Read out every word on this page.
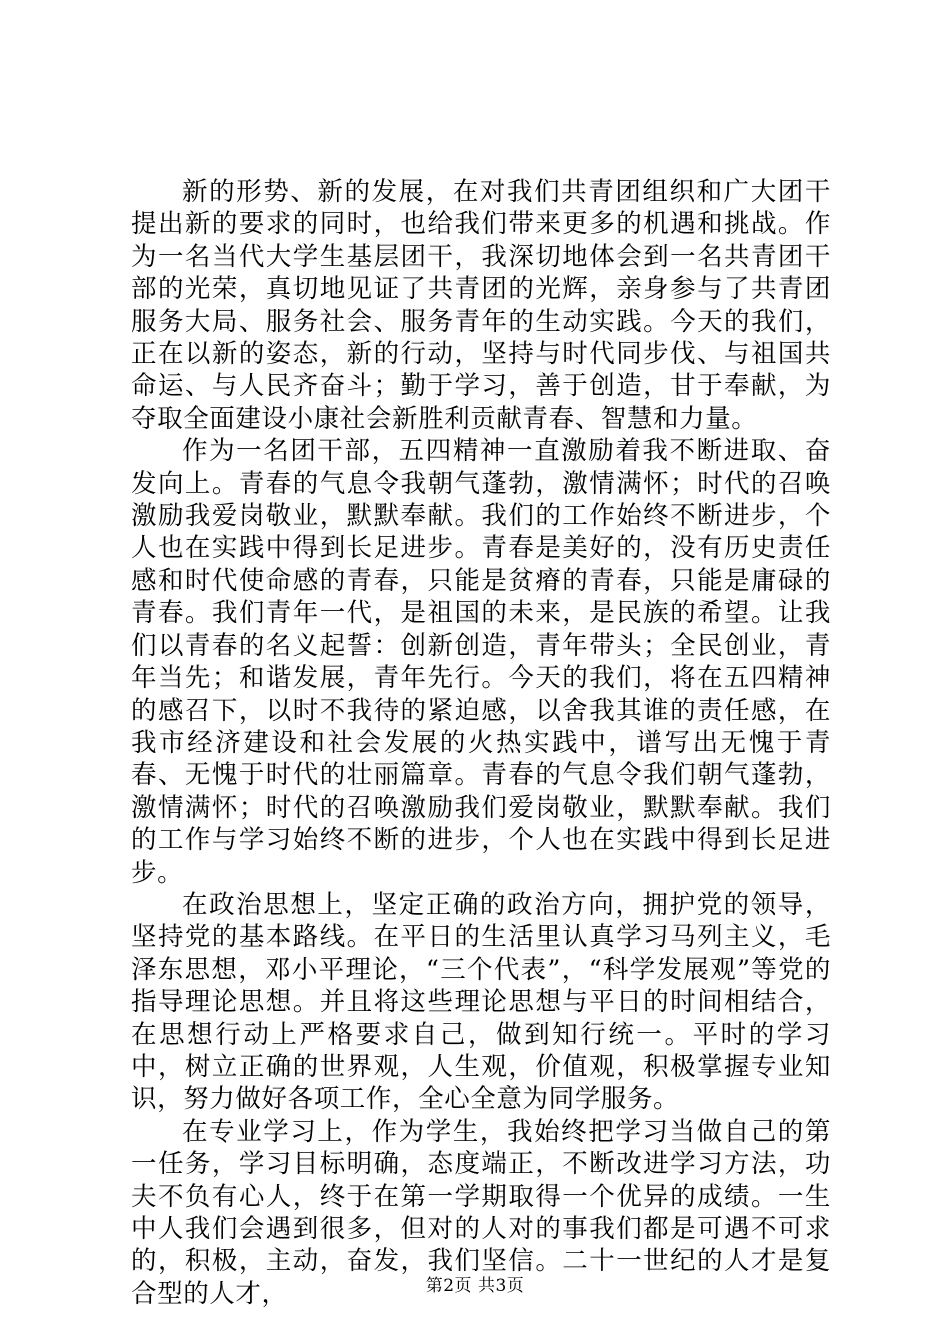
新的形势、新的发展，在对我们共青团组织和广大团干提出新的要求的同时，也给我们带来更多的机遇和挑战。作为一名当代大学生基层团干，我深切地体会到一名共青团干部的光荣，真切地见证了共青团的光辉，亲身参与了共青团服务大局、服务社会、服务青年的生动实践。今天的我们，正在以新的姿态，新的行动，坚持与时代同步伐、与祖国共命运、与人民齐奋斗；勤于学习，善于创造，甘于奉献，为夺取全面建设小康社会新胜利贡献青春、智慧和力量。

作为一名团干部，五四精神一直激励着我不断进取、奋发向上。青春的气息令我朝气蓬勃，激情满怀；时代的召唤激励我爱岗敬业，默默奉献。我们的工作始终不断进步，个人也在实践中得到长足进步。青春是美好的，没有历史责任感和时代使命感的青春，只能是贫瘠的青春，只能是庸碌的青春。我们青年一代，是祖国的未来，是民族的希望。让我们以青春的名义起誓：创新创造，青年带头；全民创业，青年当先；和谐发展，青年先行。今天的我们，将在五四精神的感召下，以时不我待的紧迫感，以舍我其谁的责任感，在我市经济建设和社会发展的火热实践中，谱写出无愧于青春、无愧于时代的壮丽篇章。青春的气息令我们朝气蓬勃，激情满怀；时代的召唤激励我们爱岗敬业，默默奉献。我们的工作与学习始终不断的进步，个人也在实践中得到长足进步。

在政治思想上，坚定正确的政治方向，拥护党的领导，坚持党的基本路线。在平日的生活里认真学习马列主义，毛泽东思想，邓小平理论，“三个代表”，“科学发展观”等党的指导理论思想。并且将这些理论思想与平日的时间相结合，在思想行动上严格要求自己，做到知行统一。平时的学习中，树立正确的世界观，人生观，价值观，积极掌握专业知识，努力做好各项工作，全心全意为同学服务。

在专业学习上，作为学生，我始终把学习当做自己的第一任务，学习目标明确，态度端正，不断改进学习方法，功夫不负有心人，终于在第一学期取得一个优异的成绩。一生中人我们会遇到很多，但对的人对的事我们都是可遇不可求的，积极，主动，奋发，我们坚信。二十一世纪的人才是复合型的人才，	第2页 共3页
